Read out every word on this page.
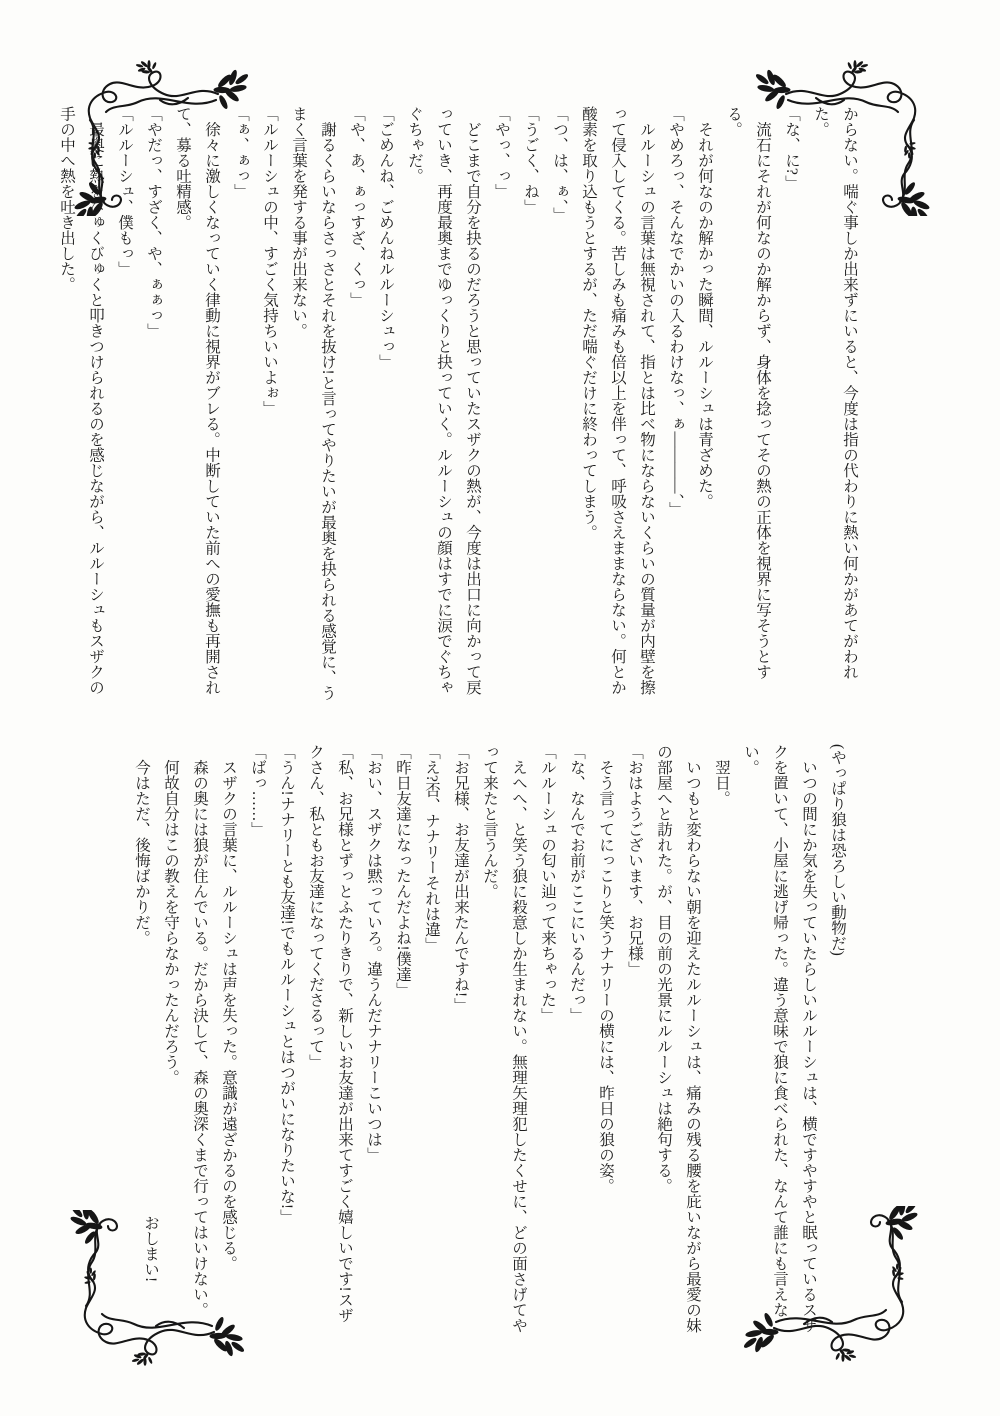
からない。喘ぐ事しか出来ずにいると、今度は指の代わりに熱い何かがあてがわれた。

「な、に?」

　流石にそれが何なのか解からず、身体を捻ってその熱の正体を視界に写そうとする。

　それが何なのか解かった瞬間、ルルーシュは青ざめた。

「やめろっ、そんなでかいの入るわけなっ、ぁ――――、」

　ルルーシュの言葉は無視されて、指とは比べ物にならないくらいの質量が内壁を擦って侵入してくる。苦しみも痛みも倍以上を伴って、呼吸さえままならない。何とか酸素を取り込もうとするが、ただ喘ぐだけに終わってしまう。

「つ、は、ぁ、」

「うごく、ね」

「やっ、っ」

　どこまで自分を抉るのだろうと思っていたスザクの熱が、今度は出口に向かって戻っていき、再度最奥までゆっくりと抉っていく。ルルーシュの顔はすでに涙でぐちゃぐちゃだ。

「ごめんね、ごめんねルルーシュっ」

「や、あ、ぁっすざ、くっ」

　謝るくらいならさっさとそれを抜け!と言ってやりたいが最奥を抉られる感覚に、うまく言葉を発する事が出来ない。

「ルルーシュの中、すごく気持ちいいよぉ」

「ぁ、ぁっ」

　徐々に激しくなっていく律動に視界がブレる。中断していた前への愛撫も再開されて、募る吐精感。

「やだっ、すざく、や、ぁぁっ」

「ルルーシュ、僕もっ」

　最奥に熱をびゅくびゅくと叩きつけられるのを感じながら、ルルーシュもスザクの手の中へ熱を吐き出した。

(やっぱり狼は恐ろしい動物だ)

　いつの間にか気を失っていたらしいルルーシュは、横ですやすやと眠っているスザクを置いて、小屋に逃げ帰った。違う意味で狼に食べられた、なんて誰にも言えない。

　翌日。

　いつもと変わらない朝を迎えたルルーシュは、痛みの残る腰を庇いながら最愛の妹の部屋へと訪れた。が、目の前の光景にルルーシュは絶句する。

「おはようございます、お兄様」

　そう言ってにっこりと笑うナナリーの横には、昨日の狼の姿。

「な、なんでお前がここにいるんだっ」

「ルルーシュの匂い辿って来ちゃった」

　えへへ、と笑う狼に殺意しか生まれない。無理矢理犯したくせに、どの面さげてやって来たと言うんだ。

「お兄様、お友達が出来たんですね!」

「え?否、ナナリーそれは違」

「昨日友達になったんだよね!僕達」

「おい、スザクは黙っていろ。違うんだナナリーこいつは」

「私、お兄様とずっとふたりきりで、新しいお友達が出来てすごく嬉しいです!スザクさん、私ともお友達になってくださるって」

「うん!ナナリーとも友達!でもルルーシュとはつがいになりたいな!」

「ばっ……」

　スザクの言葉に、ルルーシュは声を失った。意識が遠ざかるのを感じる。

　森の奥には狼が住んでいる。だから決して、森の奥深くまで行ってはいけない。

　何故自分はこの教えを守らなかったんだろう。

　今はただ、後悔ばかりだ。

おしまい!
